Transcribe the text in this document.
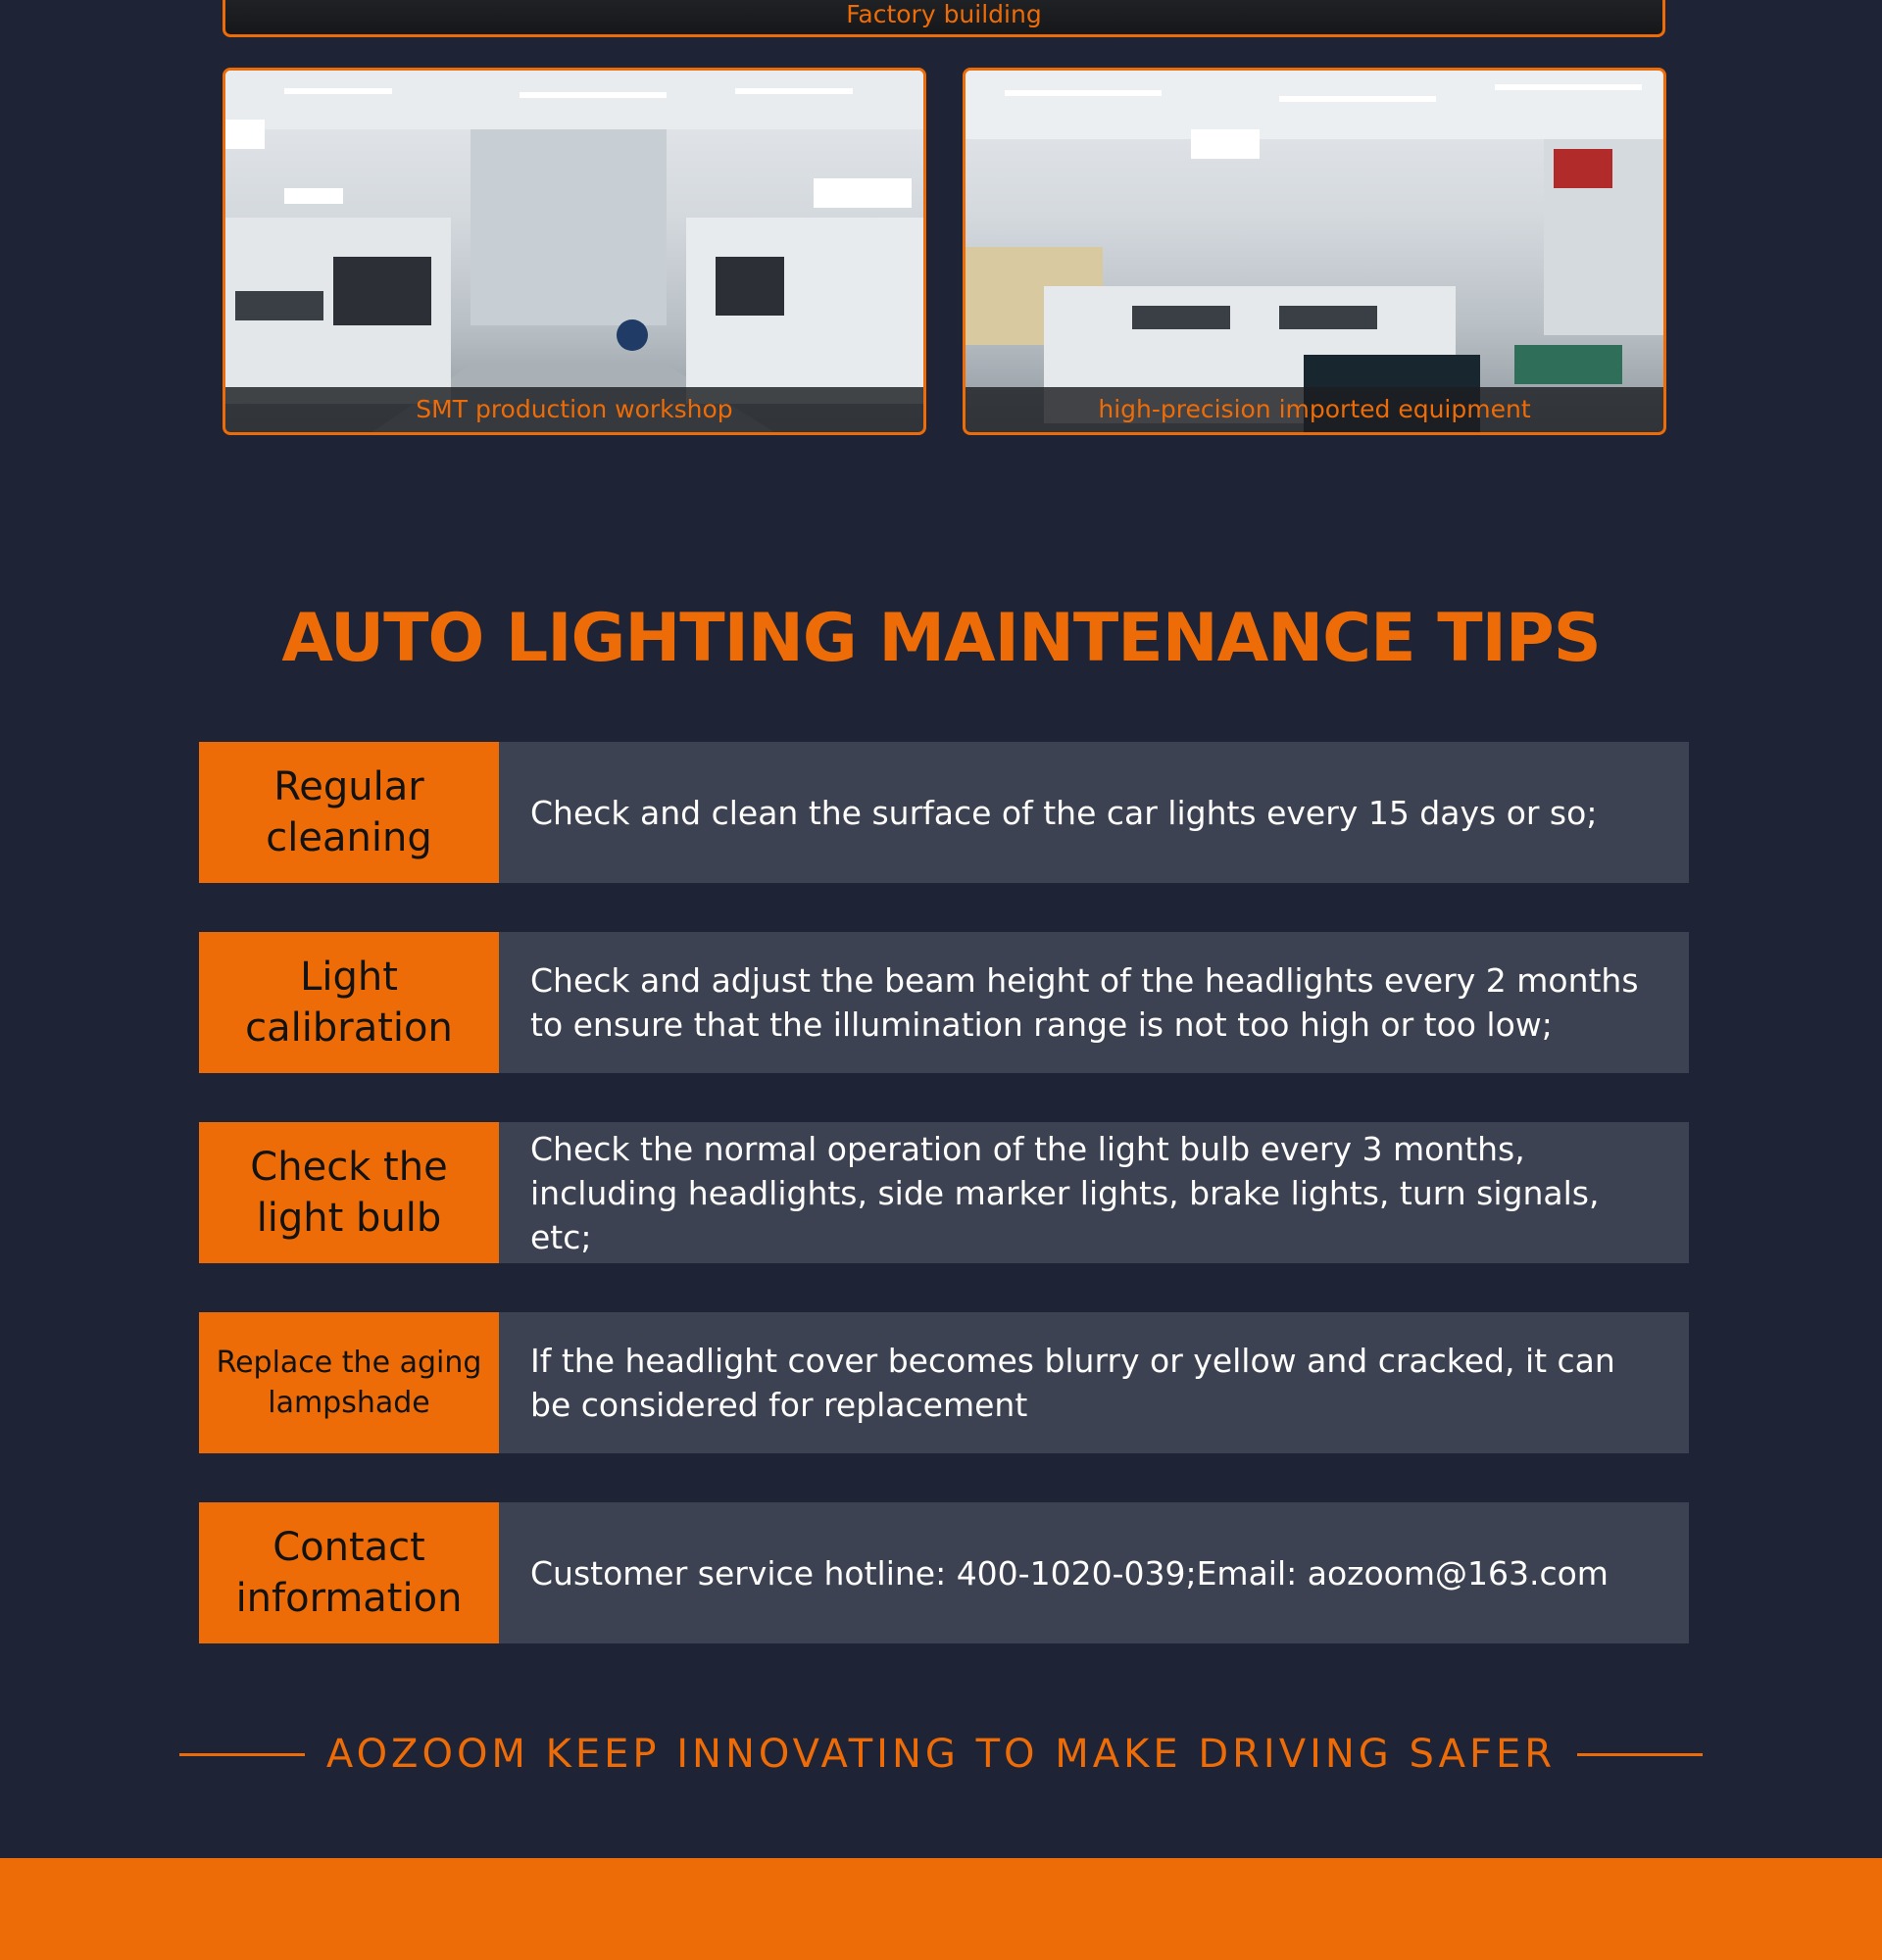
Factory building
SMT production workshop	high-precision imported equipment
AUTO LIGHTING MAINTENANCE TIPS
Regular cleaning
Check and clean the surface of the car lights every 15 days or so;
Light calibration
Check and adjust the beam height of the headlights every 2 months to ensure that the illumination range is not too high or too low;
Check the light bulb
Check the normal operation of the light bulb every 3 months, including headlights, side marker lights, brake lights, turn signals, etc;
Replace the aging lampshade
If the headlight cover becomes blurry or yellow and cracked, it can be considered for replacement
Contact information
Customer service hotline: 400-1020-039;Email: aozoom@163.com
AOZOOM KEEP INNOVATING TO MAKE DRIVING SAFER
